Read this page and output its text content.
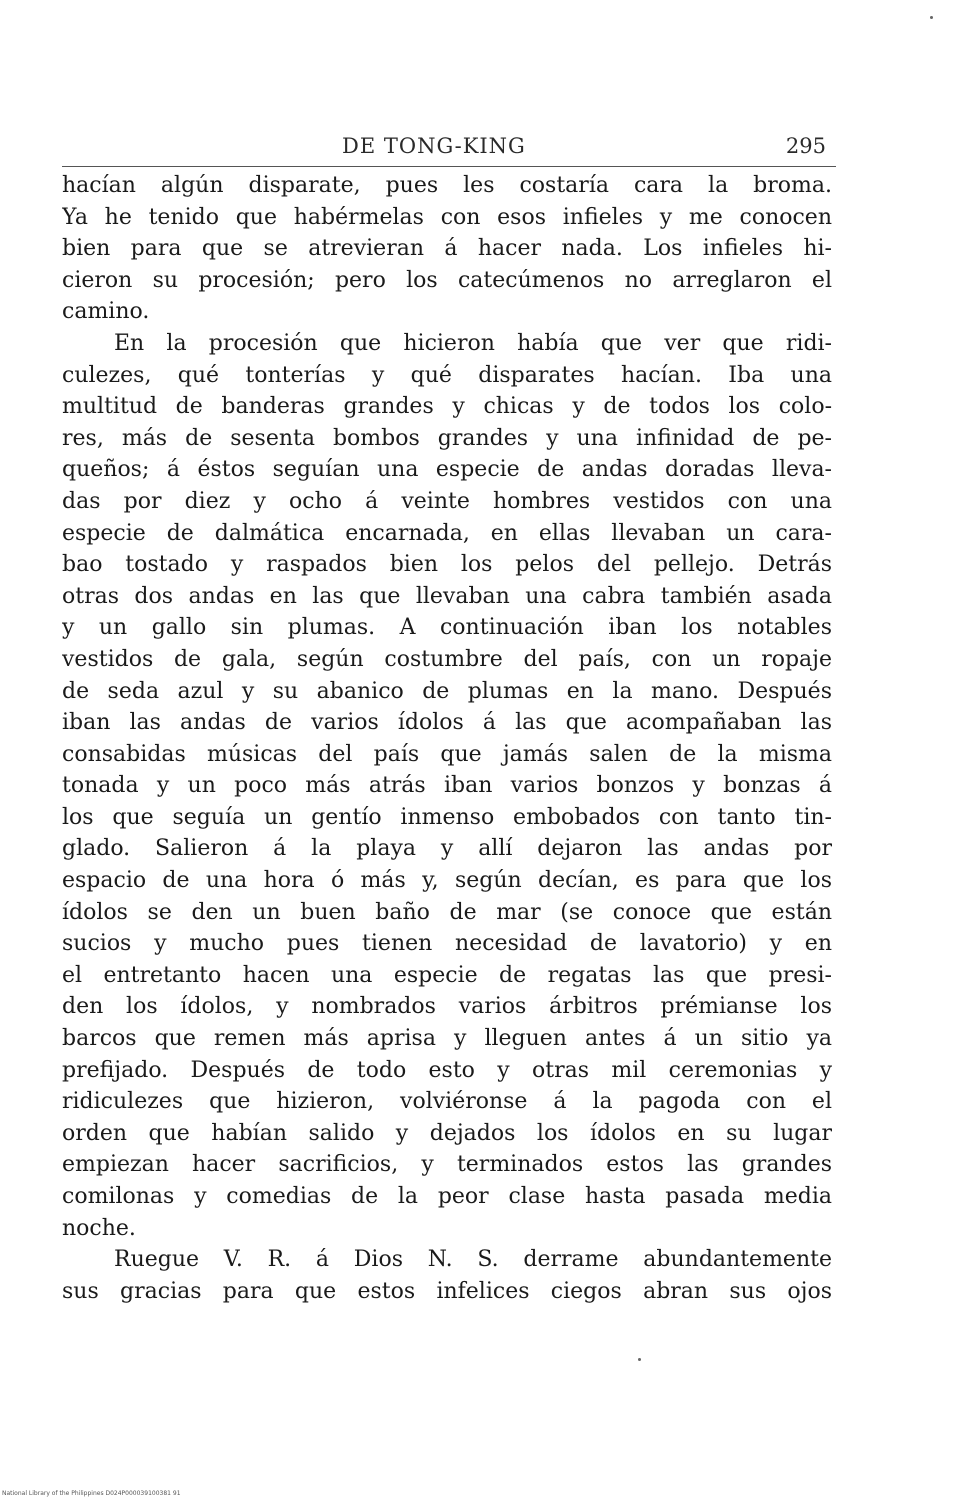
DE TONG-KING	295
hacían algún disparate, pues les costaría cara la broma.
Ya he tenido que habérmelas con esos infieles y me conocen
bien para que se atrevieran á hacer nada. Los infieles hi-
cieron su procesión; pero los catecúmenos no arreglaron el
camino.
En la procesión que hicieron había que ver que ridi-
culezes, qué tonterías y qué disparates hacían. Iba una
multitud de banderas grandes y chicas y de todos los colo-
res, más de sesenta bombos grandes y una infinidad de pe-
queños; á éstos seguían una especie de andas doradas lleva-
das por diez y ocho á veinte hombres vestidos con una
especie de dalmática encarnada, en ellas llevaban un cara-
bao tostado y raspados bien los pelos del pellejo. Detrás
otras dos andas en las que llevaban una cabra también asada
y un gallo sin plumas. A continuación iban los notables
vestidos de gala, según costumbre del país, con un ropaje
de seda azul y su abanico de plumas en la mano. Después
iban las andas de varios ídolos á las que acompañaban las
consabidas músicas del país que jamás salen de la misma
tonada y un poco más atrás iban varios bonzos y bonzas á
los que seguía un gentío inmenso embobados con tanto tin-
glado. Salieron á la playa y allí dejaron las andas por
espacio de una hora ó más y, según decían, es para que los
ídolos se den un buen baño de mar (se conoce que están
sucios y mucho pues tienen necesidad de lavatorio) y en
el entretanto hacen una especie de regatas las que presi-
den los ídolos, y nombrados varios árbitros prémianse los
barcos que remen más aprisa y lleguen antes á un sitio ya
prefijado. Después de todo esto y otras mil ceremonias y
ridiculezes que hizieron, volviéronse á la pagoda con el
orden que habían salido y dejados los ídolos en su lugar
empiezan hacer sacrificios, y terminados estos las grandes
comilonas y comedias de la peor clase hasta pasada media
noche.
Ruegue V. R. á Dios N. S. derrame abundantemente
sus gracias para que estos infelices ciegos abran sus ojos
National Library of the Philippines D024P000039100381 91
